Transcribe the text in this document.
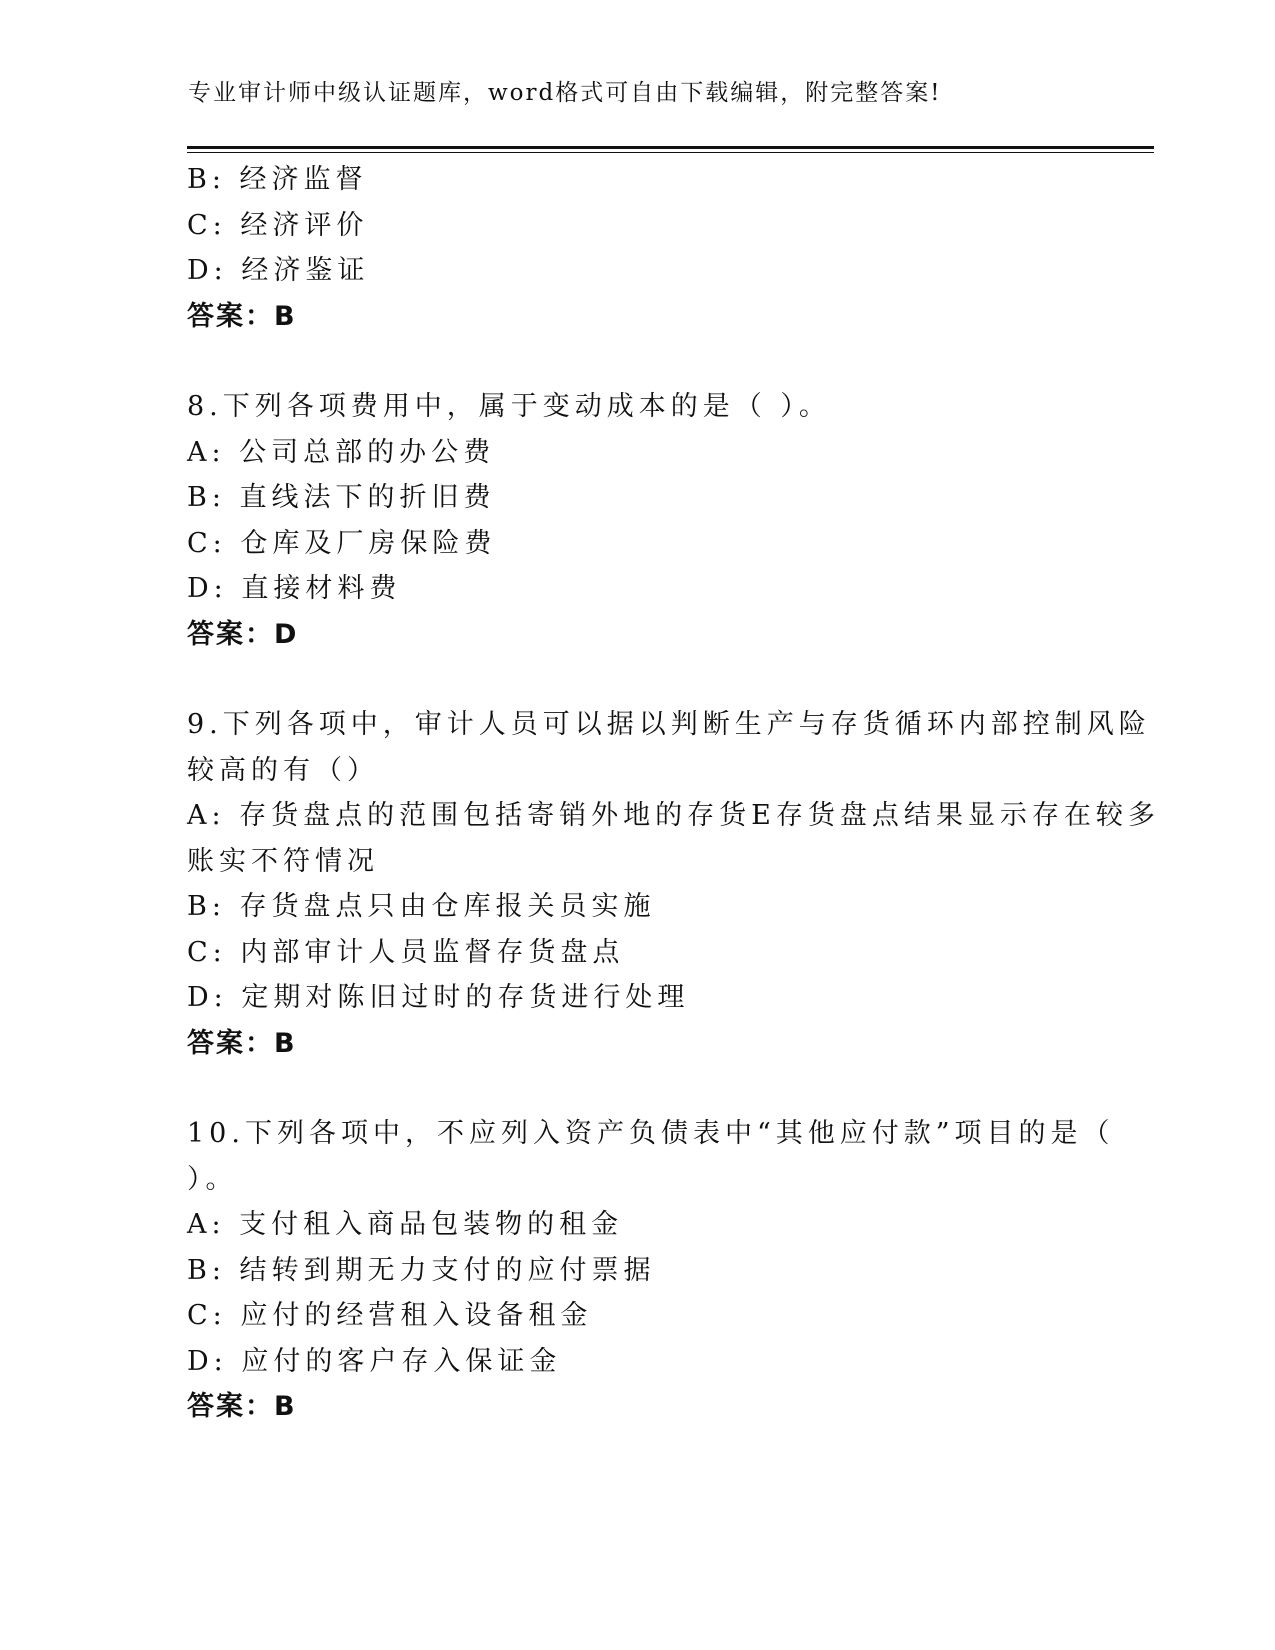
专业审计师中级认证题库，word格式可自由下载编辑，附完整答案!
B: 经济监督
C: 经济评价
D: 经济鉴证
答案：B
8.下列各项费用中，属于变动成本的是（ ）。
A: 公司总部的办公费
B: 直线法下的折旧费
C: 仓库及厂房保险费
D: 直接材料费
答案：D
9.下列各项中，审计人员可以据以判断生产与存货循环内部控制风险
较高的有（）
A: 存货盘点的范围包括寄销外地的存货E存货盘点结果显示存在较多
账实不符情况
B: 存货盘点只由仓库报关员实施
C: 内部审计人员监督存货盘点
D: 定期对陈旧过时的存货进行处理
答案：B
10.下列各项中，不应列入资产负债表中“其他应付款”项目的是（
）。
A: 支付租入商品包装物的租金
B: 结转到期无力支付的应付票据
C: 应付的经营租入设备租金
D: 应付的客户存入保证金
答案：B
